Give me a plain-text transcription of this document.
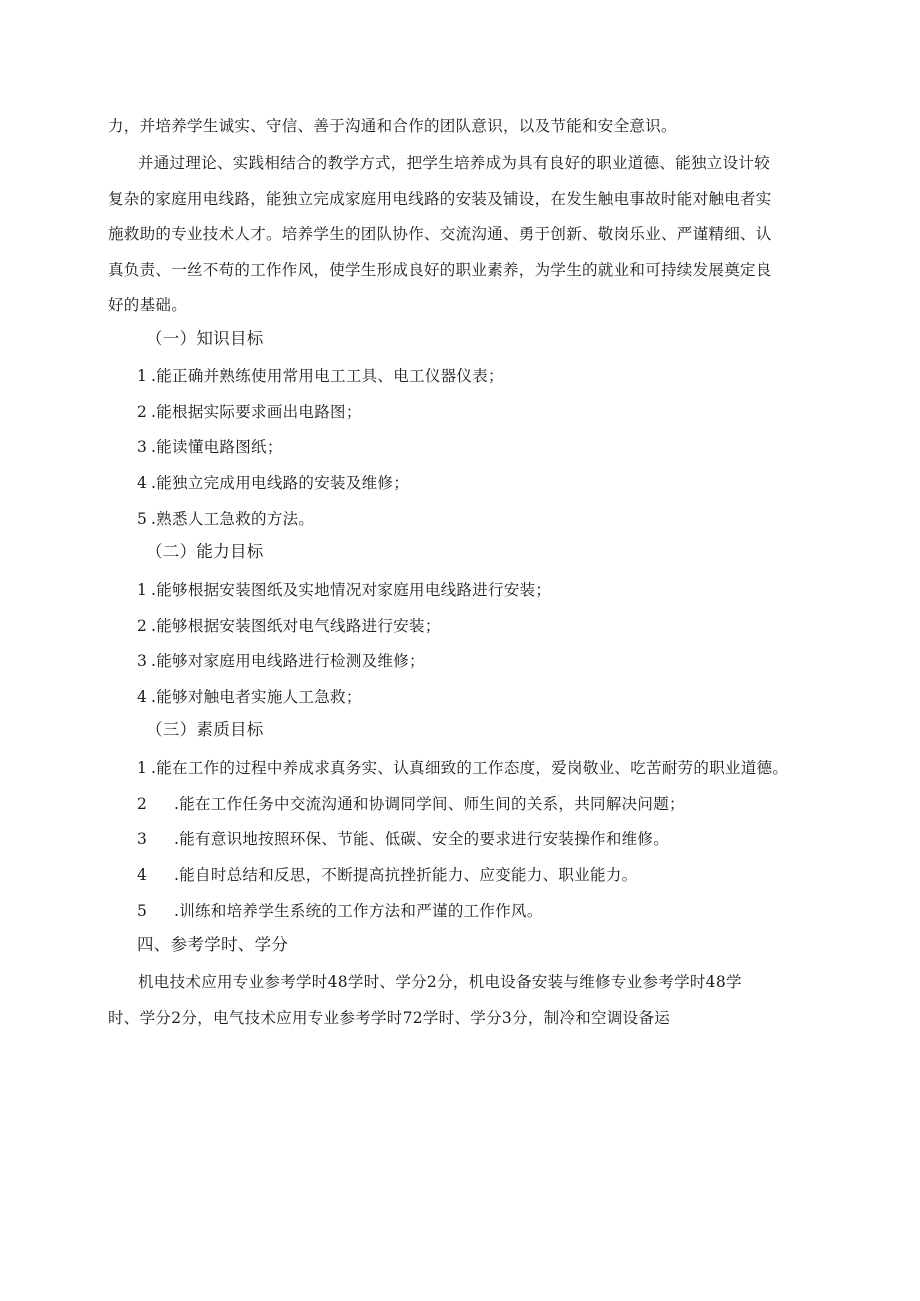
力，并培养学生诚实、守信、善于沟通和合作的团队意识，以及节能和安全意识。
并通过理论、实践相结合的教学方式，把学生培养成为具有良好的职业道德、能独立设计较
复杂的家庭用电线路，能独立完成家庭用电线路的安装及铺设，在发生触电事故时能对触电者实
施救助的专业技术人才。培养学生的团队协作、交流沟通、勇于创新、敬岗乐业、严谨精细、认
真负责、一丝不苟的工作作风，使学生形成良好的职业素养，为学生的就业和可持续发展奠定良
好的基础。
（一）知识目标
1 .能正确并熟练使用常用电工工具、电工仪器仪表；
2 .能根据实际要求画出电路图；
3 .能读懂电路图纸；
4 .能独立完成用电线路的安装及维修；
5 .熟悉人工急救的方法。
（二）能力目标
1 .能够根据安装图纸及实地情况对家庭用电线路进行安装；
2 .能够根据安装图纸对电气线路进行安装；
3 .能够对家庭用电线路进行检测及维修；
4 .能够对触电者实施人工急救；
（三）素质目标
1 .能在工作的过程中养成求真务实、认真细致的工作态度，爱岗敬业、吃苦耐劳的职业道德。
2 .能在工作任务中交流沟通和协调同学间、师生间的关系，共同解决问题；
3 .能有意识地按照环保、节能、低碳、安全的要求进行安装操作和维修。
4 .能自时总结和反思，不断提高抗挫折能力、应变能力、职业能力。
5 .训练和培养学生系统的工作方法和严谨的工作作风。
四、参考学时、学分
机电技术应用专业参考学时48学时、学分2分，机电设备安装与维修专业参考学时48学
时、学分2分，电气技术应用专业参考学时72学时、学分3分，制冷和空调设备运
